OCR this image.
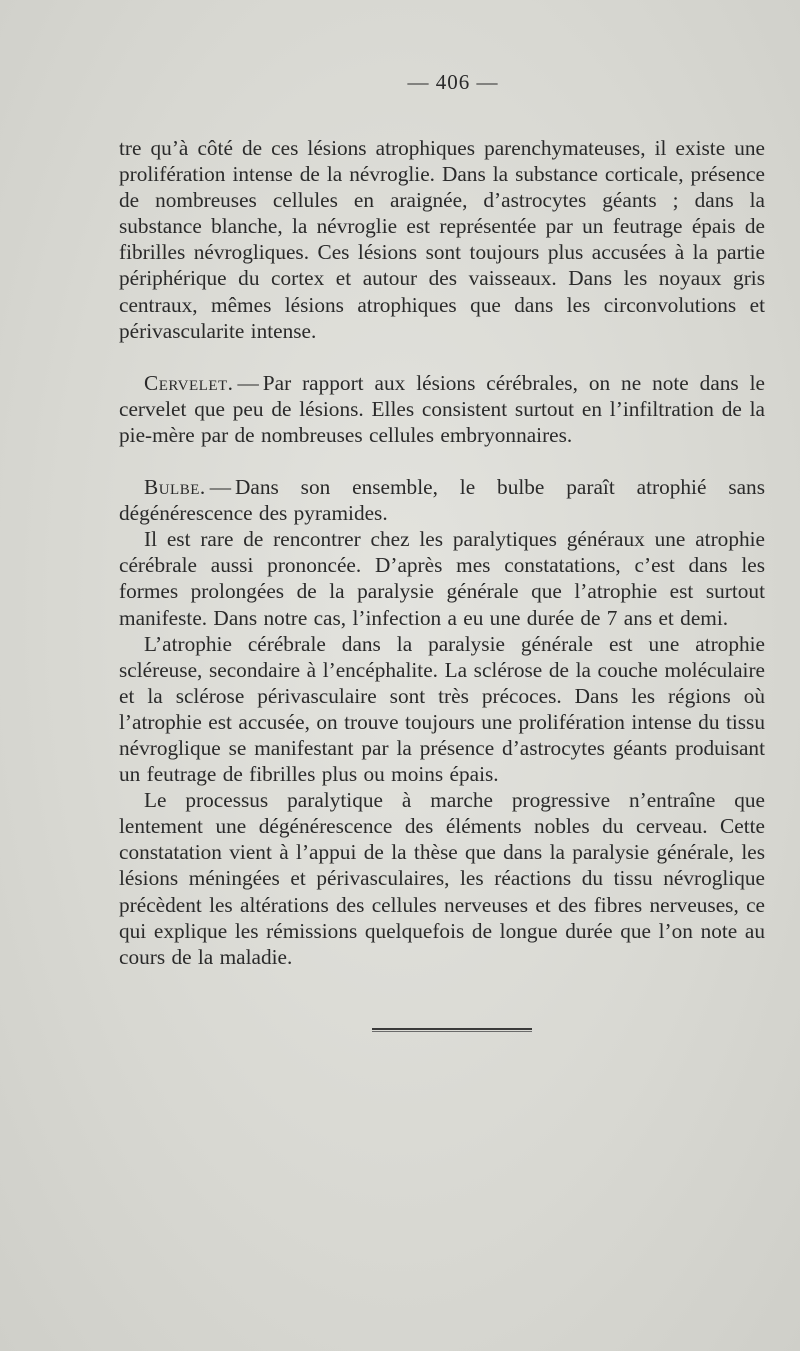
— 406 —

tre qu’à côté de ces lésions atrophiques parenchymateuses, il existe une prolifération intense de la névroglie. Dans la substance corticale, présence de nombreuses cellules en araignée, d’astrocytes géants ; dans la substance blanche, la névroglie est représentée par un feutrage épais de fibrilles névrogliques. Ces lésions sont toujours plus accusées à la partie périphérique du cortex et autour des vaisseaux. Dans les noyaux gris centraux, mêmes lésions atrophiques que dans les circonvolutions et périvascularite intense.

Cervelet. — Par rapport aux lésions cérébrales, on ne note dans le cervelet que peu de lésions. Elles consistent surtout en l’infiltration de la pie-mère par de nombreuses cellules embryonnaires.

Bulbe. — Dans son ensemble, le bulbe paraît atrophié sans dégénérescence des pyramides.

Il est rare de rencontrer chez les paralytiques généraux une atrophie cérébrale aussi prononcée. D’après mes constatations, c’est dans les formes prolongées de la paralysie générale que l’atrophie est surtout manifeste. Dans notre cas, l’infection a eu une durée de 7 ans et demi.

L’atrophie cérébrale dans la paralysie générale est une atrophie scléreuse, secondaire à l’encéphalite. La sclérose de la couche moléculaire et la sclérose périvasculaire sont très précoces. Dans les régions où l’atrophie est accusée, on trouve toujours une prolifération intense du tissu névroglique se manifestant par la présence d’astrocytes géants produisant un feutrage de fibrilles plus ou moins épais.

Le processus paralytique à marche progressive n’entraîne que lentement une dégénérescence des éléments nobles du cerveau. Cette constatation vient à l’appui de la thèse que dans la paralysie générale, les lésions méningées et périvasculaires, les réactions du tissu névroglique précèdent les altérations des cellules nerveuses et des fibres nerveuses, ce qui explique les rémissions quelquefois de longue durée que l’on note au cours de la maladie.
